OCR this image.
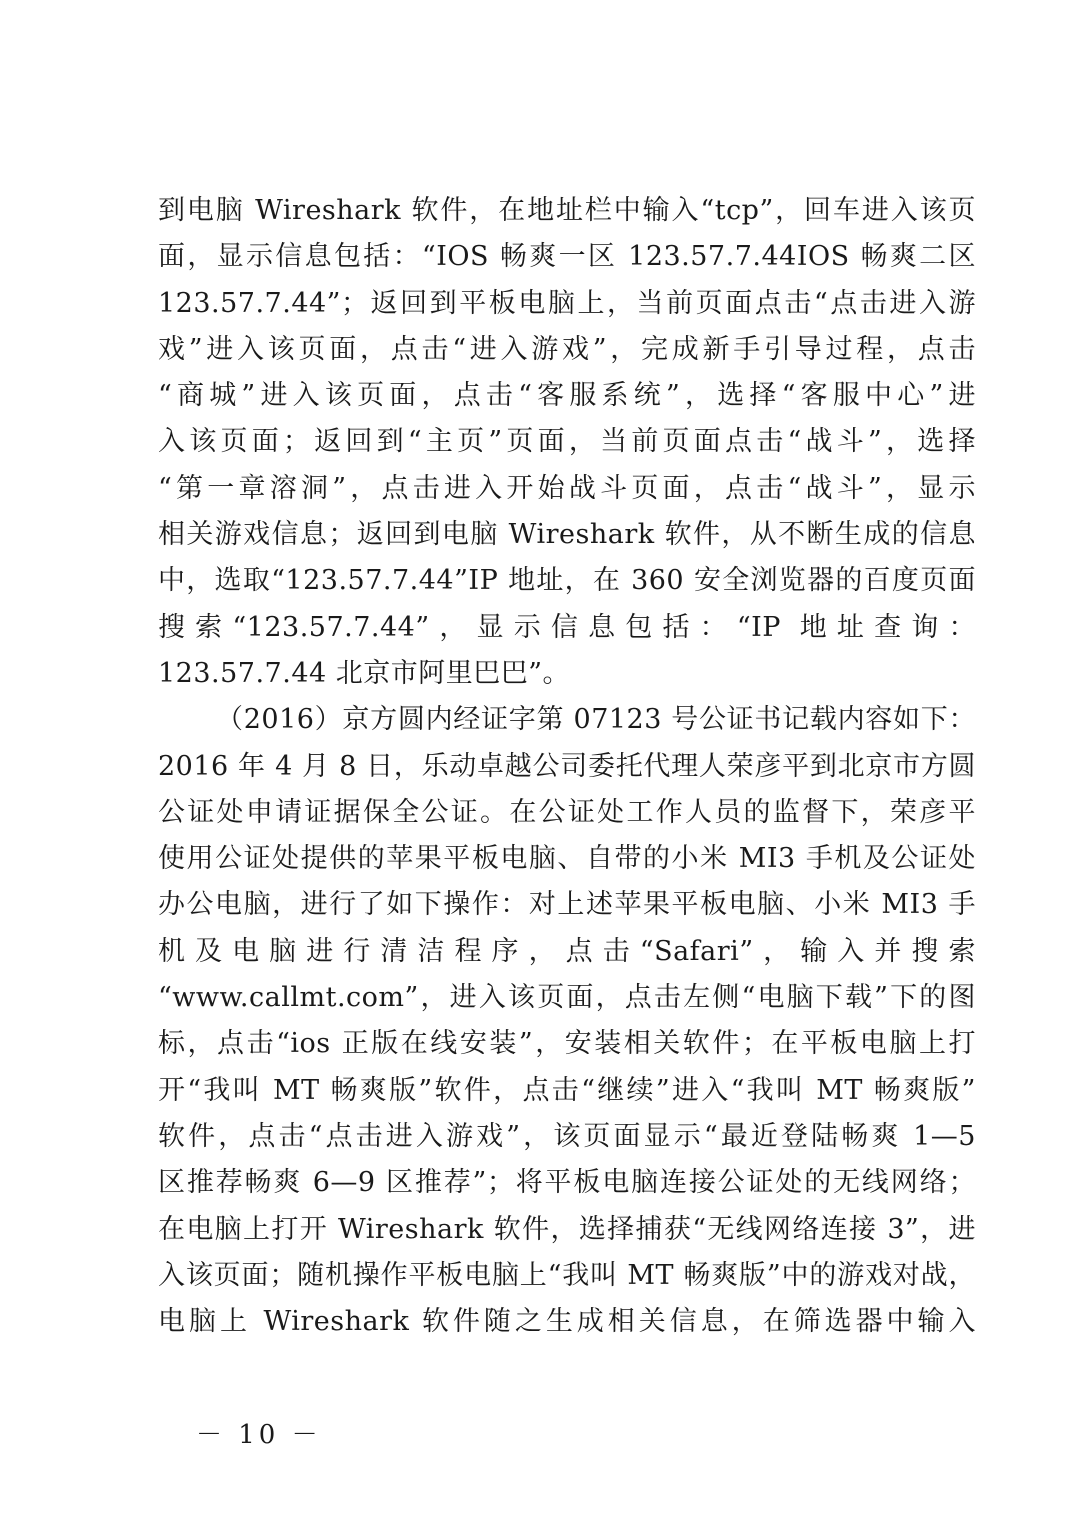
到电脑 Wireshark 软件，在地址栏中输入“tcp”，回车进入该页
面，显示信息包括：“IOS 畅爽一区 123.57.7.44IOS 畅爽二区
123.57.7.44”；返回到平板电脑上，当前页面点击“点击进入游
戏”进入该页面，点击“进入游戏”，完成新手引导过程，点击
“商城”进入该页面，点击“客服系统”，选择“客服中心”进
入该页面；返回到“主页”页面，当前页面点击“战斗”，选择
“第一章溶洞”，点击进入开始战斗页面，点击“战斗”，显示
相关游戏信息；返回到电脑 Wireshark 软件，从不断生成的信息
中，选取“123.57.7.44”IP 地址，在 360 安全浏览器的百度页面
搜索“123.57.7.44”，显示信息包括：“IP 地址查询：
123.57.7.44 北京市阿里巴巴”。
（2016）京方圆内经证字第 07123 号公证书记载内容如下：
2016 年 4 月 8 日，乐动卓越公司委托代理人荣彦平到北京市方圆
公证处申请证据保全公证。在公证处工作人员的监督下，荣彦平
使用公证处提供的苹果平板电脑、自带的小米 MI3 手机及公证处
办公电脑，进行了如下操作：对上述苹果平板电脑、小米 MI3 手
机及电脑进行清洁程序，点击“Safari”，输入并搜索
“www.callmt.com”，进入该页面，点击左侧“电脑下载”下的图
标，点击“ios 正版在线安装”，安装相关软件；在平板电脑上打
开“我叫 MT 畅爽版”软件，点击“继续”进入“我叫 MT 畅爽版”
软件，点击“点击进入游戏”，该页面显示“最近登陆畅爽 1—5
区推荐畅爽 6—9 区推荐”；将平板电脑连接公证处的无线网络；
在电脑上打开 Wireshark 软件，选择捕获“无线网络连接 3”，进
入该页面；随机操作平板电脑上“我叫 MT 畅爽版”中的游戏对战，
电脑上 Wireshark 软件随之生成相关信息，在筛选器中输入
－ 10 －
